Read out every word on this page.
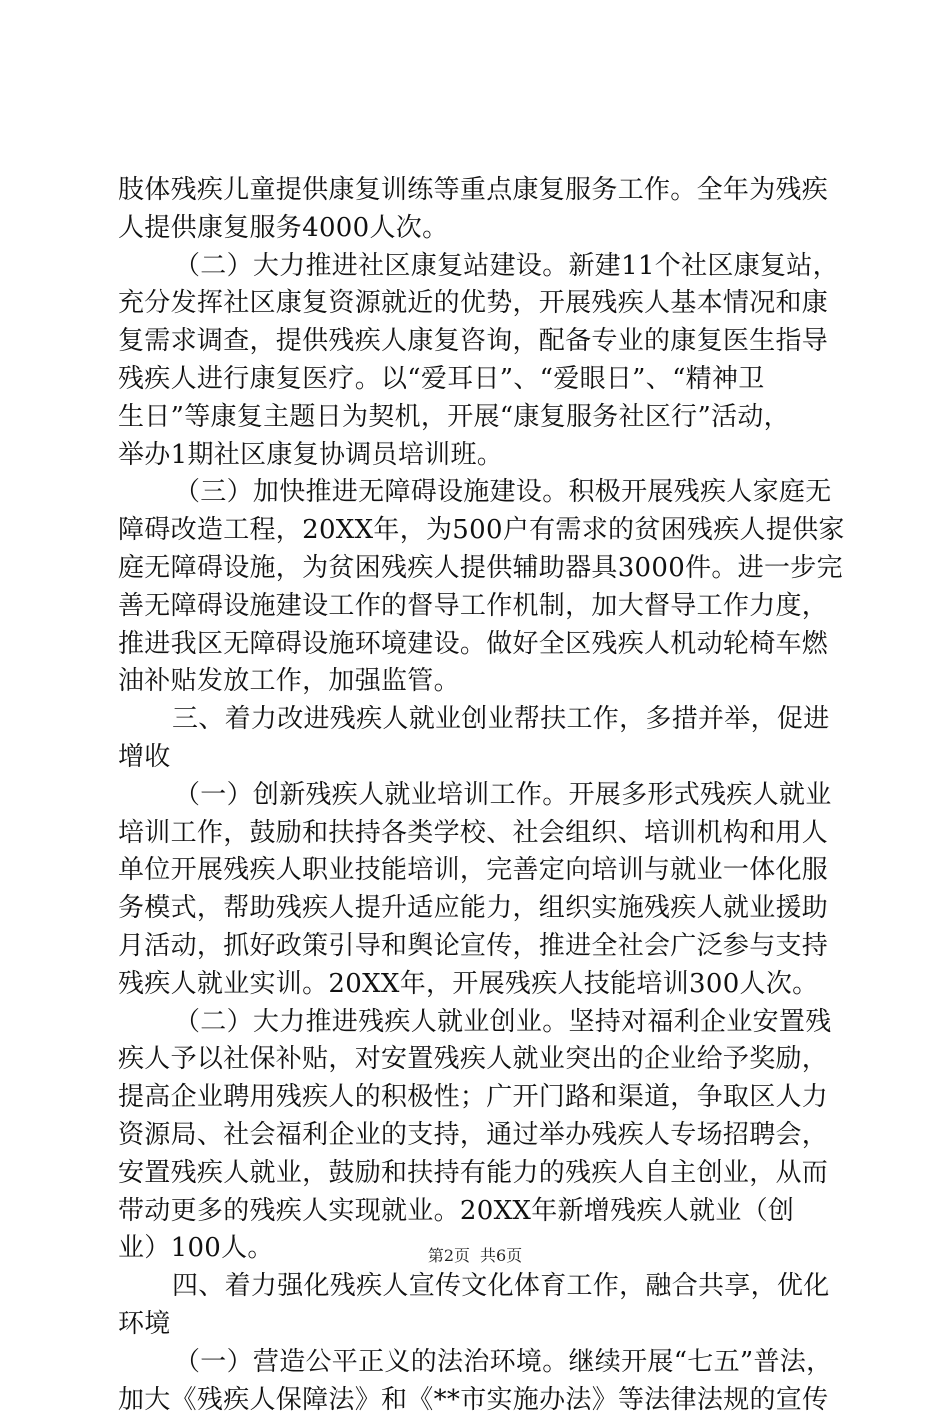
肢体残疾儿童提供康复训练等重点康复服务工作。全年为残疾
人提供康复服务4000人次。
（二）大力推进社区康复站建设。新建11个社区康复站，
充分发挥社区康复资源就近的优势，开展残疾人基本情况和康
复需求调查，提供残疾人康复咨询，配备专业的康复医生指导
残疾人进行康复医疗。以“爱耳日”、“爱眼日”、“精神卫
生日”等康复主题日为契机，开展“康复服务社区行”活动，
举办1期社区康复协调员培训班。
（三）加快推进无障碍设施建设。积极开展残疾人家庭无
障碍改造工程，20XX年，为500户有需求的贫困残疾人提供家
庭无障碍设施，为贫困残疾人提供辅助器具3000件。进一步完
善无障碍设施建设工作的督导工作机制，加大督导工作力度，
推进我区无障碍设施环境建设。做好全区残疾人机动轮椅车燃
油补贴发放工作，加强监管。
三、着力改进残疾人就业创业帮扶工作，多措并举，促进
增收
（一）创新残疾人就业培训工作。开展多形式残疾人就业
培训工作，鼓励和扶持各类学校、社会组织、培训机构和用人
单位开展残疾人职业技能培训，完善定向培训与就业一体化服
务模式，帮助残疾人提升适应能力，组织实施残疾人就业援助
月活动，抓好政策引导和舆论宣传，推进全社会广泛参与支持
残疾人就业实训。20XX年，开展残疾人技能培训300人次。
（二）大力推进残疾人就业创业。坚持对福利企业安置残
疾人予以社保补贴，对安置残疾人就业突出的企业给予奖励，
提高企业聘用残疾人的积极性；广开门路和渠道，争取区人力
资源局、社会福利企业的支持，通过举办残疾人专场招聘会，
安置残疾人就业，鼓励和扶持有能力的残疾人自主创业，从而
带动更多的残疾人实现就业。20XX年新增残疾人就业（创
业）100人。
四、着力强化残疾人宣传文化体育工作，融合共享，优化
环境
（一）营造公平正义的法治环境。继续开展“七五”普法，
加大《残疾人保障法》和《**市实施办法》等法律法规的宣传
第2页 共6页
